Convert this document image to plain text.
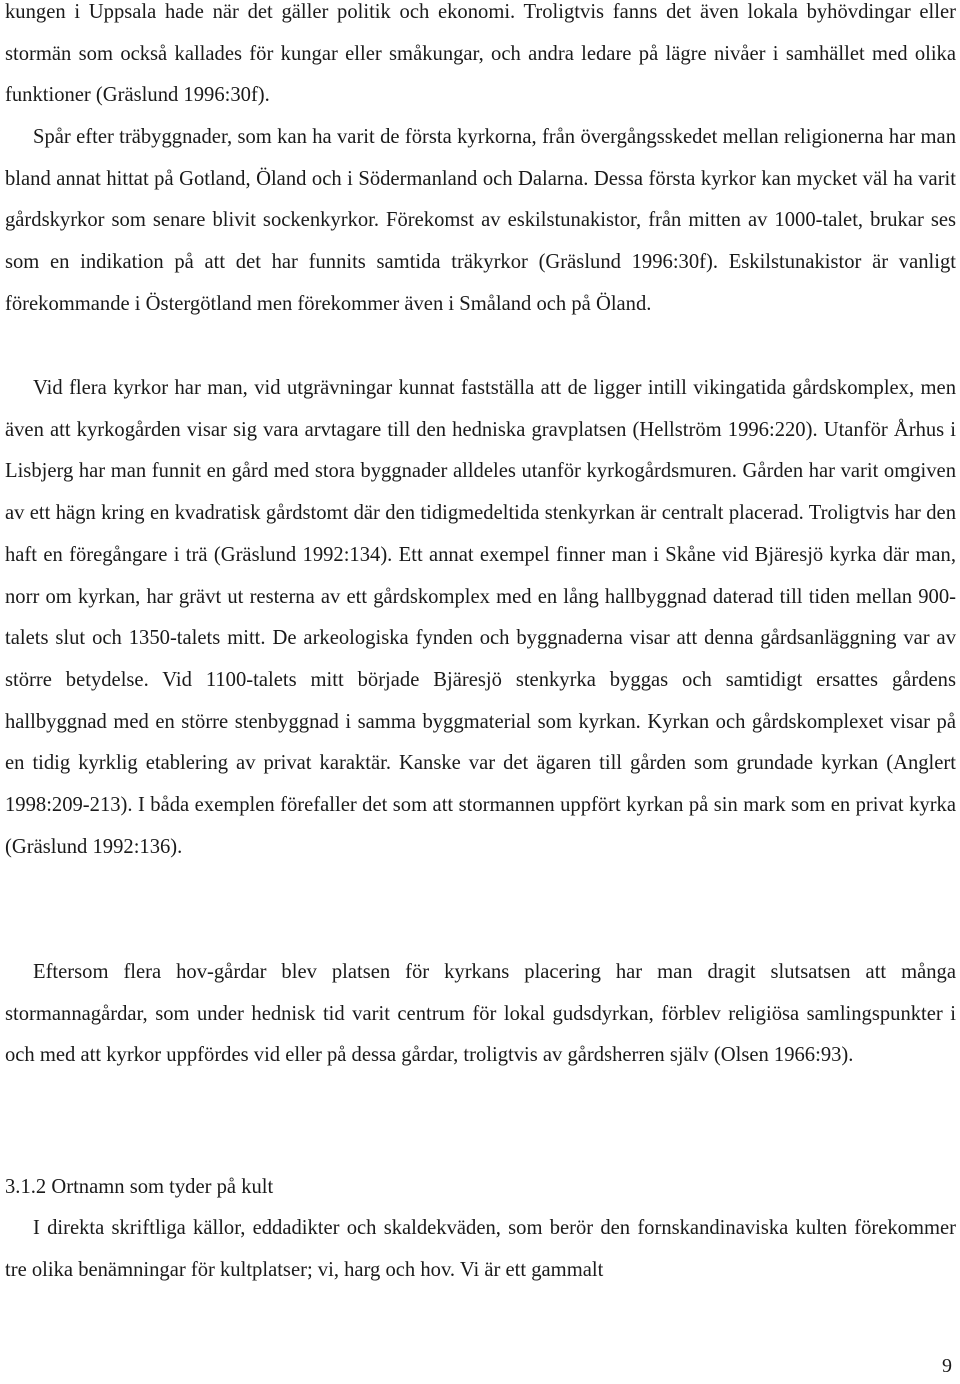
kungen i Uppsala hade när det gäller politik och ekonomi. Troligtvis fanns det även lokala byhövdingar eller stormän som också kallades för kungar eller småkungar, och andra ledare på lägre nivåer i samhället med olika funktioner (Gräslund 1996:30f).

Spår efter träbyggnader, som kan ha varit de första kyrkorna, från övergångsskedet mellan religionerna har man bland annat hittat på Gotland, Öland och i Södermanland och Dalarna. Dessa första kyrkor kan mycket väl ha varit gårdskyrkor som senare blivit sockenkyrkor. Förekomst av eskilstunakistor, från mitten av 1000-talet, brukar ses som en indikation på att det har funnits samtida träkyrkor (Gräslund 1996:30f). Eskilstunakistor är vanligt förekommande i Östergötland men förekommer även i Småland och på Öland.

Vid flera kyrkor har man, vid utgrävningar kunnat fastställa att de ligger intill vikingatida gårdskomplex, men även att kyrkogården visar sig vara arvtagare till den hedniska gravplatsen (Hellström 1996:220). Utanför Århus i Lisbjerg har man funnit en gård med stora byggnader alldeles utanför kyrkogårdsmuren. Gården har varit omgiven av ett hägn kring en kvadratisk gårdstomt där den tidigmedeltida stenkyrkan är centralt placerad. Troligtvis har den haft en föregångare i trä (Gräslund 1992:134). Ett annat exempel finner man i Skåne vid Bjäresjö kyrka där man, norr om kyrkan, har grävt ut resterna av ett gårdskomplex med en lång hallbyggnad daterad till tiden mellan 900-talets slut och 1350-talets mitt. De arkeologiska fynden och byggnaderna visar att denna gårdsanläggning var av större betydelse. Vid 1100-talets mitt började Bjäresjö stenkyrka byggas och samtidigt ersattes gårdens hallbyggnad med en större stenbyggnad i samma byggmaterial som kyrkan. Kyrkan och gårdskomplexet visar på en tidig kyrklig etablering av privat karaktär. Kanske var det ägaren till gården som grundade kyrkan (Anglert 1998:209-213). I båda exemplen förefaller det som att stormannen uppfört kyrkan på sin mark som en privat kyrka (Gräslund 1992:136).

Eftersom flera hov-gårdar blev platsen för kyrkans placering har man dragit slutsatsen att många stormannagårdar, som under hednisk tid varit centrum för lokal gudsdyrkan, förblev religiösa samlingspunkter i och med att kyrkor uppfördes vid eller på dessa gårdar, troligtvis av gårdsherren själv (Olsen 1966:93).

3.1.2 Ortnamn som tyder på kult

I direkta skriftliga källor, eddadikter och skaldekväden, som berör den fornskandinaviska kulten förekommer tre olika benämningar för kultplatser; vi, harg och hov. Vi är ett gammalt

9
